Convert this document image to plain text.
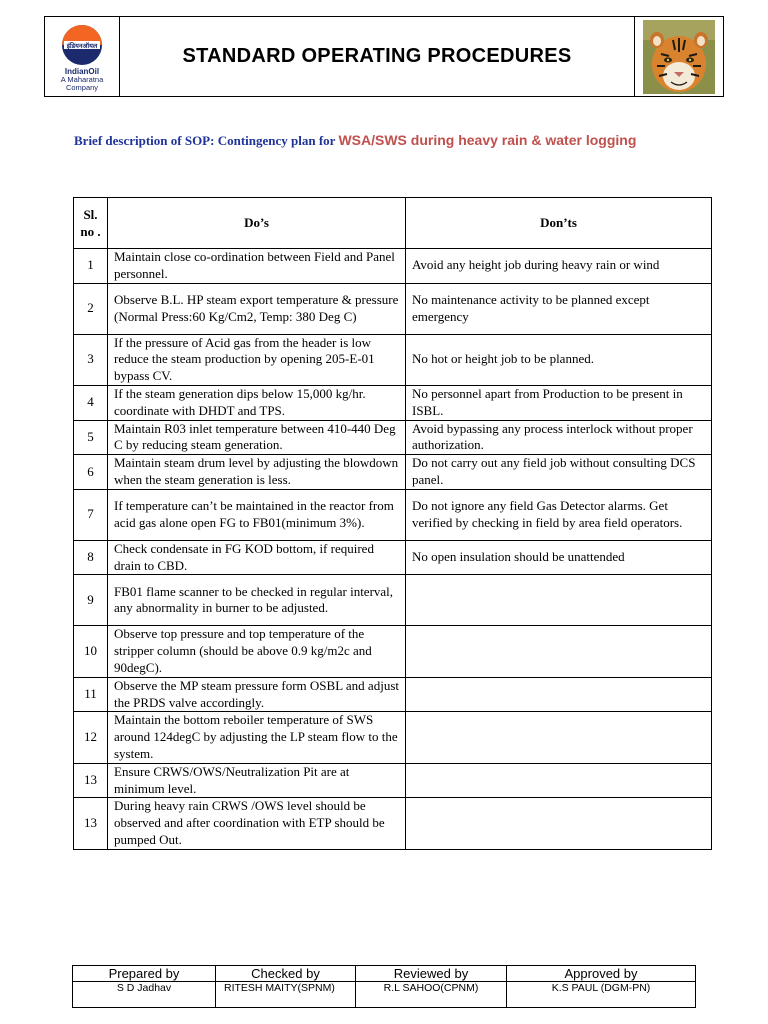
इंडियनऑयल
IndianOil
A Maharatna
Company
	STANDARD OPERATING PROCEDURES	
Brief description of SOP: Contingency plan for WSA/SWS during heavy rain & water logging
Sl. no .	Do’s	Don’ts
1	Maintain close co-ordination between Field and Panel personnel.	Avoid any height job during heavy rain or wind
2	Observe B.L. HP steam export temperature & pressure (Normal Press:60 Kg/Cm2, Temp: 380 Deg C)	No maintenance activity to be planned except emergency
3	If the pressure of Acid gas from the header is low reduce the steam production by opening 205-E-01 bypass CV.	No hot or height job to be planned.
4	If the steam generation dips below 15,000 kg/hr. coordinate with DHDT and TPS.	No personnel apart from Production to be present in ISBL.
5	Maintain R03 inlet temperature between 410-440 Deg C by reducing steam generation.	Avoid bypassing any process interlock without proper authorization.
6	Maintain steam drum level by adjusting the blowdown when the steam generation is less.	Do not carry out any field job without consulting DCS panel.
7	If temperature can’t be maintained in the reactor from acid gas alone open FG to FB01(minimum 3%).	Do not ignore any field Gas Detector alarms. Get verified by checking in field by area field operators.
8	Check condensate in FG KOD bottom, if required drain to CBD.	No open insulation should be unattended
9	FB01 flame scanner to be checked in regular interval, any abnormality in burner to be adjusted.	
10	Observe top pressure and top temperature of the stripper column (should be above 0.9 kg/m2c and 90degC).	
11	Observe the MP steam pressure form OSBL and adjust the PRDS valve accordingly.	
12	Maintain the bottom reboiler temperature of SWS around 124degC by adjusting the LP steam flow to the system.	
13	Ensure CRWS/OWS/Neutralization Pit are at minimum level.	
13	During heavy rain CRWS /OWS level should be observed and after coordination with ETP should be pumped Out.	
Prepared by	Checked by	Reviewed by	Approved by
S D Jadhav	RITESH MAITY(SPNM)	R.L SAHOO(CPNM)	K.S PAUL (DGM-PN)
